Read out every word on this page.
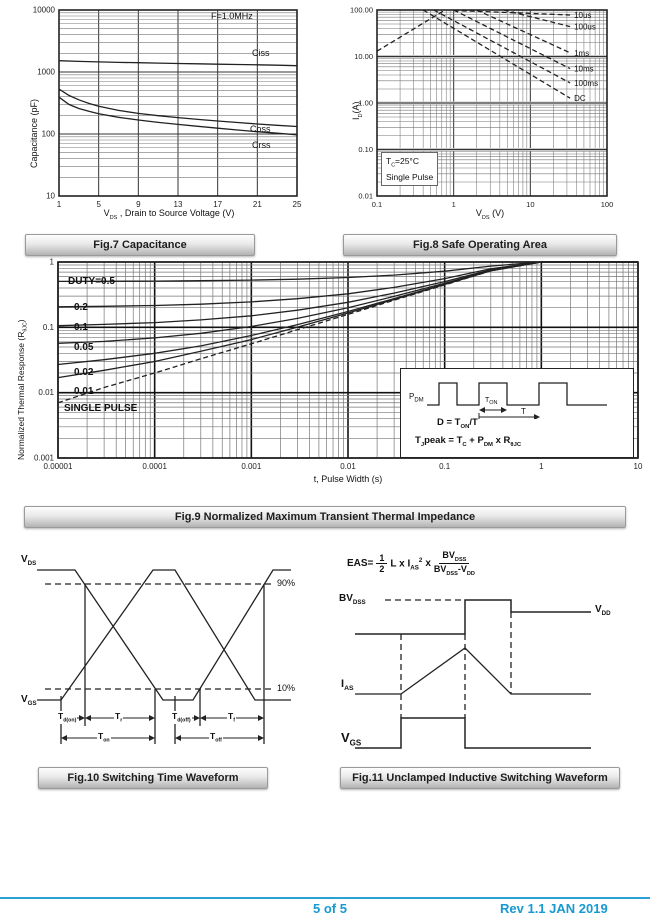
1	5	9	13	17	21	25
10
100
1000
10000
Capacitance (pF)
$V_{DS}$ , Drain to Source Voltage (V)
F=1.0MHz
Ciss
Coss
Crss
10us
100us
1ms
10ms
100ms
DC
0.1	1	10	100
0.01
0.10
1.00
10.00
100.00
$I_D(A)$
$V_{DS}$ (V)
$T_C=25^\circ C$
Single Pulse
Fig.7 Capacitance	Fig.8 Safe Operating Area
0.00001	0.0001	0.001	0.01	0.1	1	10
0.001
0.01
0.1
1
Normalized Thermal Response $(R_{\theta JC})$
t, Pulse Width (s)
DUTY=0.5
0.2
0.1
0.05
0.02
0.01
SINGLE PULSE
$P_{DM}$	$T_{ON}$
T
$D = T_{ON}/T$
$T_Jpeak = T_C + P_{DM}$ x $R_{\theta JC}$
Fig.9 Normalized Maximum Transient Thermal Impedance
$V_{DS}$
$V_{GS}$
90%
10%
$T_{d(on)}$	$T_r$	$T_{d(off)}$	$T_f$
$T_{on}$	$T_{off}$
$EAS= \frac{1}{2}$ L x $I_{AS}^2$ x
$BV_{DSS}$
$BV_{DSS}-V_{DD}$
$BV_{DSS}$
$V_{DD}$
$I_{AS}$
$V_{GS}$
Fig.10 Switching Time Waveform	Fig.11 Unclamped Inductive Switching Waveform
5 of 5	Rev 1.1 JAN 2019
